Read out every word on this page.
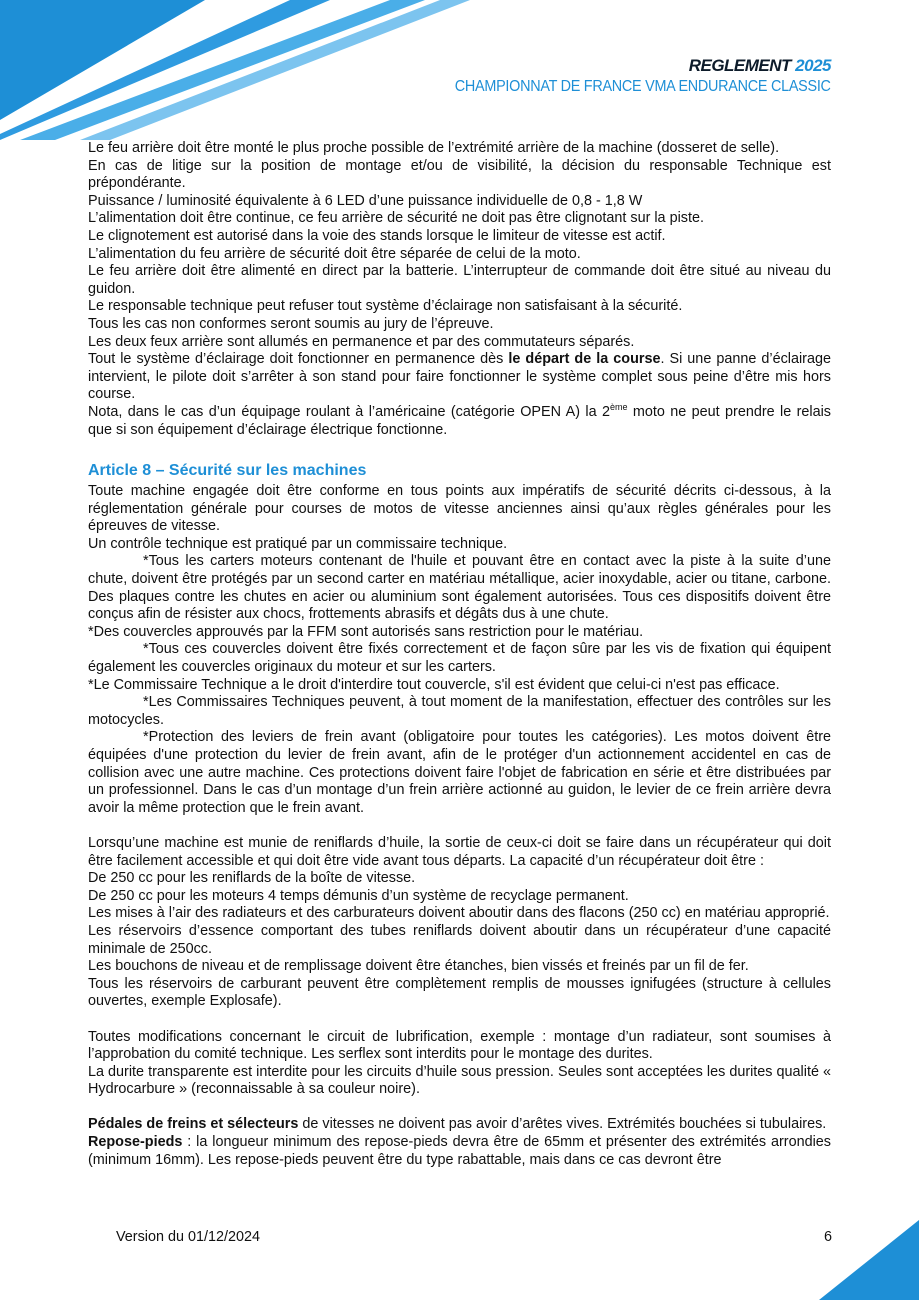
REGLEMENT 2025
CHAMPIONNAT DE FRANCE VMA ENDURANCE CLASSIC

Le feu arrière doit être monté le plus proche possible de l’extrémité arrière de la machine (dosseret de selle).

En cas de litige sur la position de montage et/ou de visibilité, la décision du responsable Technique est prépondérante.

Puissance / luminosité équivalente à 6 LED d’une puissance individuelle de 0,8 - 1,8 W

L’alimentation doit être continue, ce feu arrière de sécurité ne doit pas être clignotant sur la piste.

Le clignotement est autorisé dans la voie des stands lorsque le limiteur de vitesse est actif.

L’alimentation du feu arrière de sécurité doit être séparée de celui de la moto.

Le feu arrière doit être alimenté en direct par la batterie. L’interrupteur de commande doit être situé au niveau du guidon.

Le responsable technique peut refuser tout système d’éclairage non satisfaisant à la sécurité.

Tous les cas non conformes seront soumis au jury de l’épreuve.

Les deux feux arrière sont allumés en permanence et par des commutateurs séparés.

Tout le système d’éclairage doit fonctionner en permanence dès le départ de la course. Si une panne d’éclairage intervient, le pilote doit s’arrêter à son stand pour faire fonctionner le système complet sous peine d’être mis hors course.

Nota, dans le cas d’un équipage roulant à l’américaine (catégorie OPEN A) la 2ème moto ne peut prendre le relais que si son équipement d’éclairage électrique fonctionne.

Article 8 – Sécurité sur les machines

Toute machine engagée doit être conforme en tous points aux impératifs de sécurité décrits ci-dessous, à la réglementation générale pour courses de motos de vitesse anciennes ainsi qu’aux règles générales pour les épreuves de vitesse.

Un contrôle technique est pratiqué par un commissaire technique.

*Tous les carters moteurs contenant de l'huile et pouvant être en contact avec la piste à la suite d’une chute, doivent être protégés par un second carter en matériau métallique, acier inoxydable, acier ou titane, carbone. Des plaques contre les chutes en acier ou aluminium sont également autorisées. Tous ces dispositifs doivent être conçus afin de résister aux chocs, frottements abrasifs et dégâts dus à une chute.

*Des couvercles approuvés par la FFM sont autorisés sans restriction pour le matériau.

*Tous ces couvercles doivent être fixés correctement et de façon sûre par les vis de fixation qui équipent également les couvercles originaux du moteur et sur les carters.

*Le Commissaire Technique a le droit d'interdire tout couvercle, s'il est évident que celui-ci n'est pas efficace.

*Les Commissaires Techniques peuvent, à tout moment de la manifestation, effectuer des contrôles sur les motocycles.

*Protection des leviers de frein avant (obligatoire pour toutes les catégories). Les motos doivent être équipées d'une protection du levier de frein avant, afin de le protéger d'un actionnement accidentel en cas de collision avec une autre machine. Ces protections doivent faire l'objet de fabrication en série et être distribuées par un professionnel. Dans le cas d’un montage d’un frein arrière actionné au guidon, le levier de ce frein arrière devra avoir la même protection que le frein avant.

Lorsqu’une machine est munie de reniflards d’huile, la sortie de ceux-ci doit se faire dans un récupérateur qui doit être facilement accessible et qui doit être vide avant tous départs. La capacité d’un récupérateur doit être :

De 250 cc pour les reniflards de la boîte de vitesse.

De 250 cc pour les moteurs 4 temps démunis d’un système de recyclage permanent.

Les mises à l’air des radiateurs et des carburateurs doivent aboutir dans des flacons (250 cc) en matériau approprié.

Les réservoirs d’essence comportant des tubes reniflards doivent aboutir dans un récupérateur d’une capacité minimale de 250cc.

Les bouchons de niveau et de remplissage doivent être étanches, bien vissés et freinés par un fil de fer.

Tous les réservoirs de carburant peuvent être complètement remplis de mousses ignifugées (structure à cellules ouvertes, exemple Explosafe).

Toutes modifications concernant le circuit de lubrification, exemple : montage d’un radiateur, sont soumises à l’approbation du comité technique. Les serflex sont interdits pour le montage des durites.

La durite transparente est interdite pour les circuits d’huile sous pression. Seules sont acceptées les durites qualité « Hydrocarbure » (reconnaissable à sa couleur noire).

Pédales de freins et sélecteurs de vitesses ne doivent pas avoir d’arêtes vives. Extrémités bouchées si tubulaires.

Repose-pieds : la longueur minimum des repose-pieds devra être de 65mm et présenter des extrémités arrondies (minimum 16mm). Les repose-pieds peuvent être du type rabattable, mais dans ce cas devront être

Version du 01/12/2024	6
